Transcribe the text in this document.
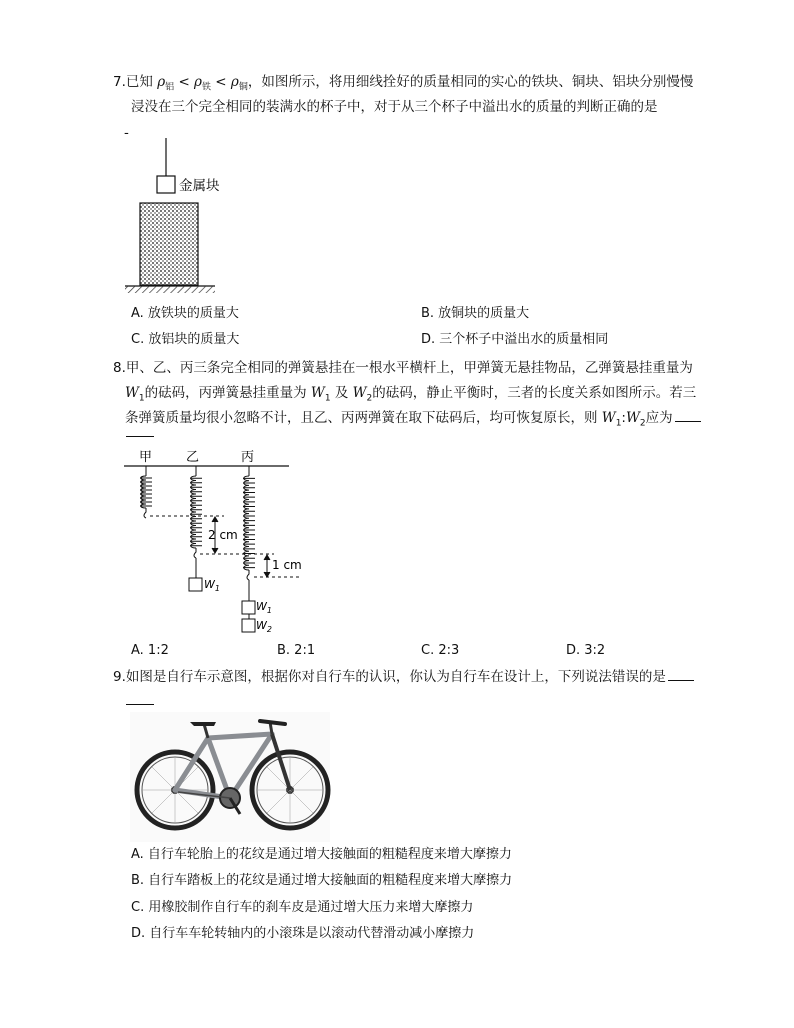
7.已知 $\rho_铝 < \rho_铁 < \rho_铜$，如图所示，将用细线拴好的质量相同的实心的铁块、铜块、铝块分别慢慢
浸没在三个完全相同的装满水的杯子中，对于从三个杯子中溢出水的质量的判断正确的是
-
金属块
A. 放铁块的质量大	B. 放铜块的质量大
C. 放铝块的质量大	D. 三个杯子中溢出水的质量相同
8.甲、乙、丙三条完全相同的弹簧悬挂在一根水平横杆上，甲弹簧无悬挂物品，乙弹簧悬挂重量为
$W_1$的砝码，丙弹簧悬挂重量为 $W_1$ 及 $W_2$的砝码，静止平衡时，三者的长度关系如图所示。若三
条弹簧质量均很小忽略不计，且乙、丙两弹簧在取下砝码后，均可恢复原长，则 $W_1:W_2$应为
甲	乙	丙
$W_1$
$W_1$
$W_2$
2 cm
1 cm
A. 1:2	B. 2:1	C. 2:3	D. 3:2
9.如图是自行车示意图，根据你对自行车的认识，你认为自行车在设计上，下列说法错误的是
A. 自行车轮胎上的花纹是通过增大接触面的粗糙程度来增大摩擦力
B. 自行车踏板上的花纹是通过增大接触面的粗糙程度来增大摩擦力
C. 用橡胶制作自行车的刹车皮是通过增大压力来增大摩擦力
D. 自行车车轮转轴内的小滚珠是以滚动代替滑动减小摩擦力
